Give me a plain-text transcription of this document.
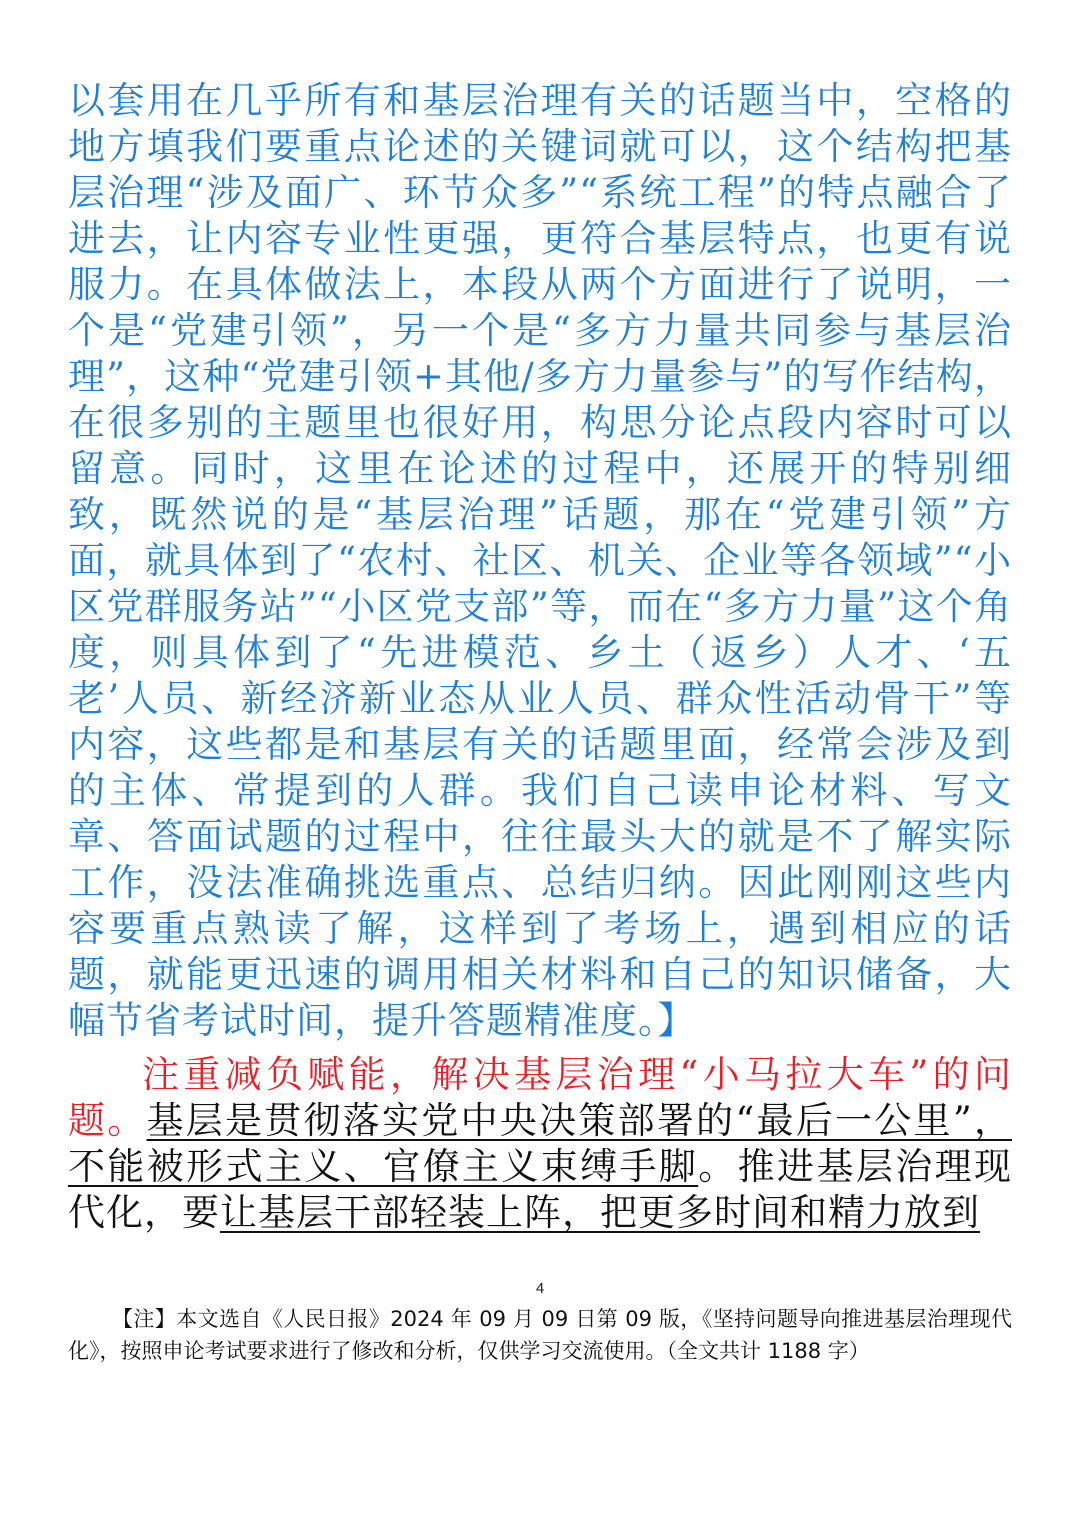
以套用在几乎所有和基层治理有关的话题当中，空格的地方填我们要重点论述的关键词就可以，这个结构把基层治理“涉及面广、环节众多”“系统工程”的特点融合了进去，让内容专业性更强，更符合基层特点，也更有说服力。在具体做法上，本段从两个方面进行了说明，一个是“党建引领”，另一个是“多方力量共同参与基层治理”，这种“党建引领+其他/多方力量参与”的写作结构，在很多别的主题里也很好用，构思分论点段内容时可以留意。同时，这里在论述的过程中，还展开的特别细致，既然说的是“基层治理”话题，那在“党建引领”方面，就具体到了“农村、社区、机关、企业等各领域”“小区党群服务站”“小区党支部”等，而在“多方力量”这个角度，则具体到了“先进模范、乡土（返乡）人才、‘五老’人员、新经济新业态从业人员、群众性活动骨干”等内容，这些都是和基层有关的话题里面，经常会涉及到的主体、常提到的人群。我们自己读申论材料、写文章、答面试题的过程中，往往最头大的就是不了解实际工作，没法准确挑选重点、总结归纳。因此刚刚这些内容要重点熟读了解，这样到了考场上，遇到相应的话题，就能更迅速的调用相关材料和自己的知识储备，大幅节省考试时间，提升答题精准度。】

注重减负赋能，解决基层治理“小马拉大车”的问题。基层是贯彻落实党中央决策部署的“最后一公里”，不能被形式主义、官僚主义束缚手脚。推进基层治理现代化，要让基层干部轻装上阵，把更多时间和精力放到

4
【注】本文选自《人民日报》2024 年 09 月 09 日第 09 版，《坚持问题导向推进基层治理现代化》，按照申论考试要求进行了修改和分析，仅供学习交流使用。（全文共计 1188 字）
